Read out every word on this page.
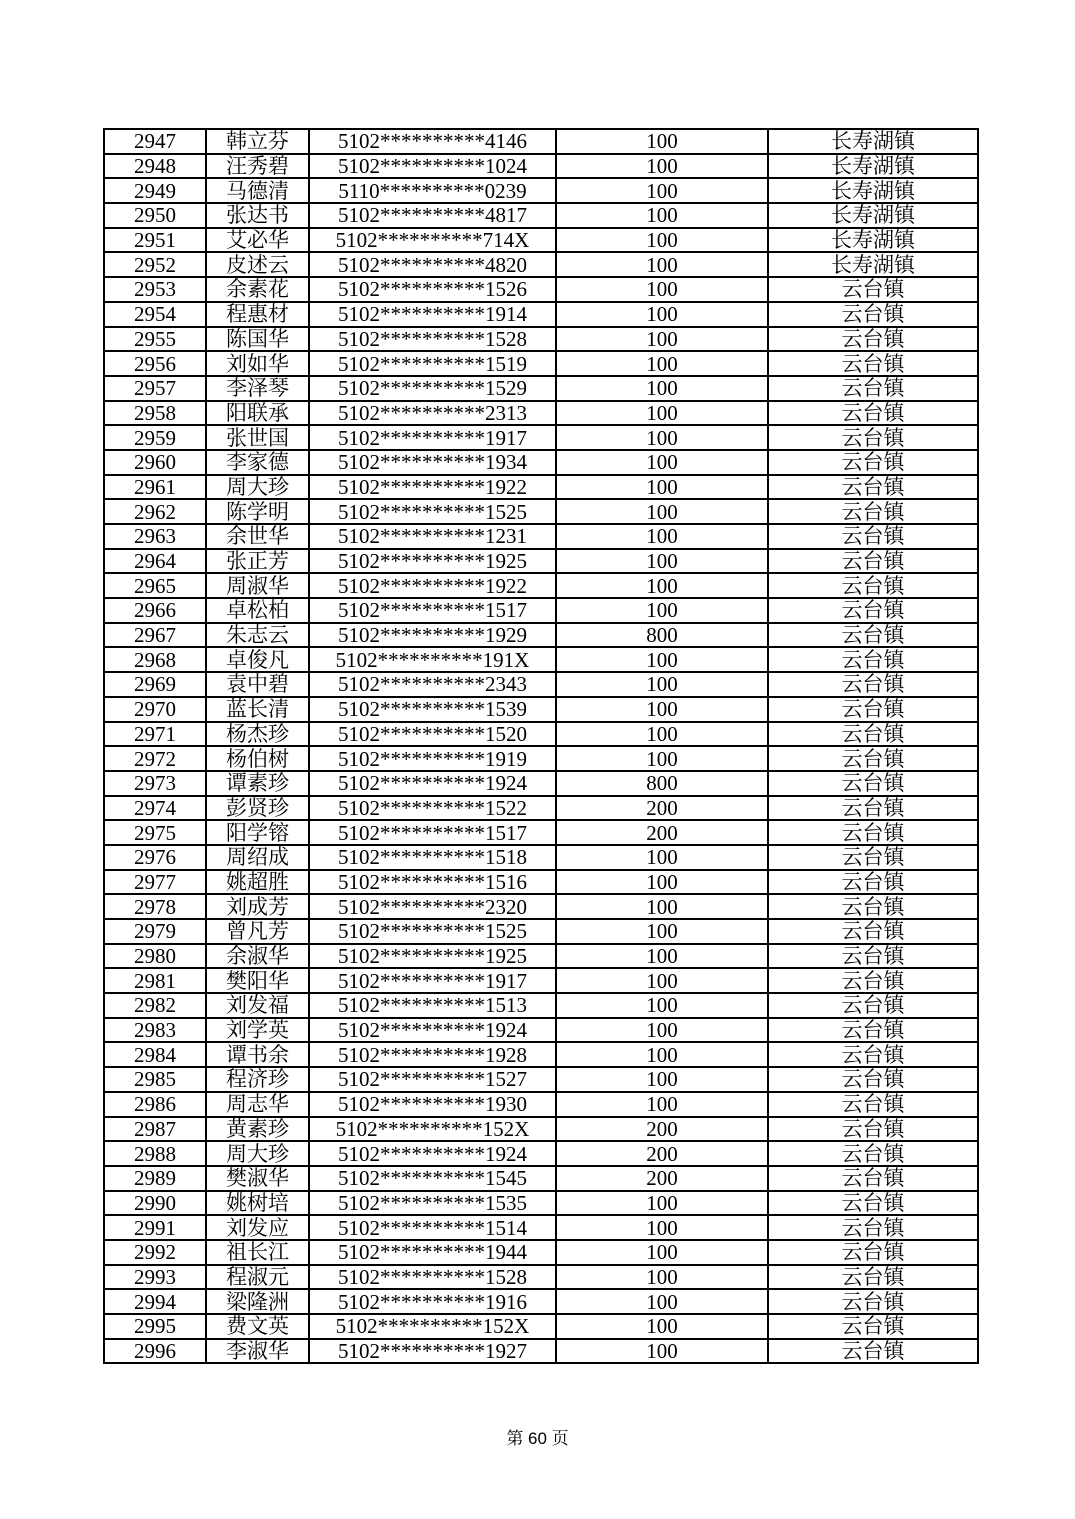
2947	韩立芬	5102**********4146	100	长寿湖镇
2948	汪秀碧	5102**********1024	100	长寿湖镇
2949	马德清	5110**********0239	100	长寿湖镇
2950	张达书	5102**********4817	100	长寿湖镇
2951	艾必华	5102**********714X	100	长寿湖镇
2952	皮述云	5102**********4820	100	长寿湖镇
2953	余素花	5102**********1526	100	云台镇
2954	程惠材	5102**********1914	100	云台镇
2955	陈国华	5102**********1528	100	云台镇
2956	刘如华	5102**********1519	100	云台镇
2957	李泽琴	5102**********1529	100	云台镇
2958	阳联承	5102**********2313	100	云台镇
2959	张世国	5102**********1917	100	云台镇
2960	李家德	5102**********1934	100	云台镇
2961	周大珍	5102**********1922	100	云台镇
2962	陈学明	5102**********1525	100	云台镇
2963	余世华	5102**********1231	100	云台镇
2964	张正芳	5102**********1925	100	云台镇
2965	周淑华	5102**********1922	100	云台镇
2966	卓松柏	5102**********1517	100	云台镇
2967	朱志云	5102**********1929	800	云台镇
2968	卓俊凡	5102**********191X	100	云台镇
2969	袁中碧	5102**********2343	100	云台镇
2970	蓝长清	5102**********1539	100	云台镇
2971	杨杰珍	5102**********1520	100	云台镇
2972	杨伯树	5102**********1919	100	云台镇
2973	谭素珍	5102**********1924	800	云台镇
2974	彭贤珍	5102**********1522	200	云台镇
2975	阳学镕	5102**********1517	200	云台镇
2976	周绍成	5102**********1518	100	云台镇
2977	姚超胜	5102**********1516	100	云台镇
2978	刘成芳	5102**********2320	100	云台镇
2979	曾凡芳	5102**********1525	100	云台镇
2980	余淑华	5102**********1925	100	云台镇
2981	樊阳华	5102**********1917	100	云台镇
2982	刘发福	5102**********1513	100	云台镇
2983	刘学英	5102**********1924	100	云台镇
2984	谭书余	5102**********1928	100	云台镇
2985	程济珍	5102**********1527	100	云台镇
2986	周志华	5102**********1930	100	云台镇
2987	黄素珍	5102**********152X	200	云台镇
2988	周大珍	5102**********1924	200	云台镇
2989	樊淑华	5102**********1545	200	云台镇
2990	姚树培	5102**********1535	100	云台镇
2991	刘发应	5102**********1514	100	云台镇
2992	祖长江	5102**********1944	100	云台镇
2993	程淑元	5102**********1528	100	云台镇
2994	梁隆洲	5102**********1916	100	云台镇
2995	费文英	5102**********152X	100	云台镇
2996	李淑华	5102**********1927	100	云台镇
第 60 页
